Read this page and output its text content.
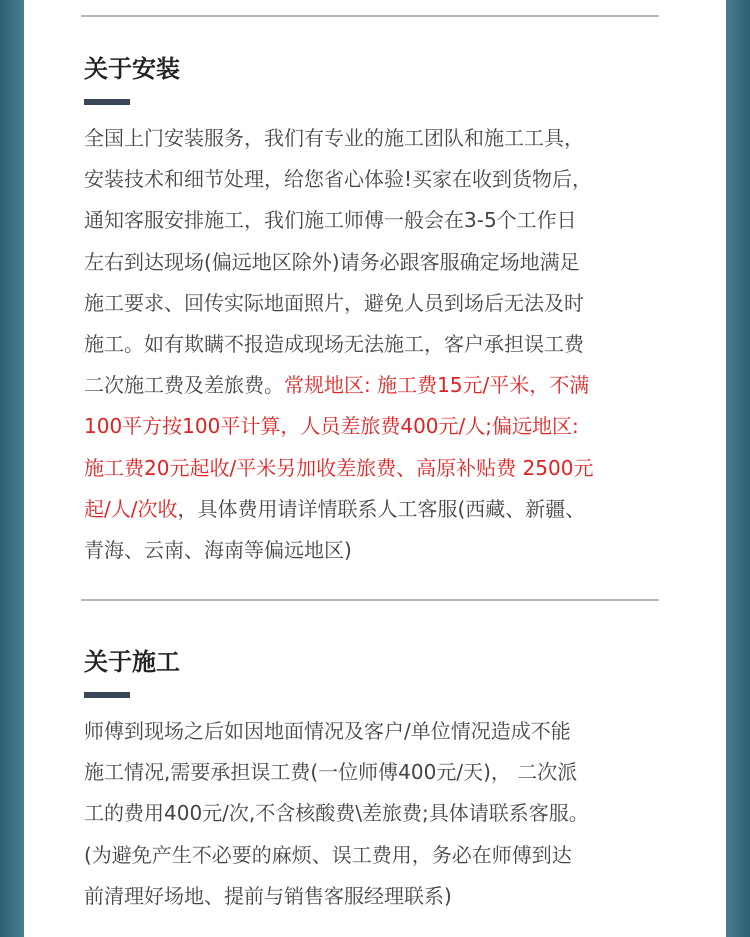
关于安装
全国上门安装服务，我们有专业的施工团队和施工工具，
安装技术和细节处理，给您省心体验!买家在收到货物后，
通知客服安排施工，我们施工师傅一般会在3-5个工作日
左右到达现场(偏远地区除外)请务必跟客服确定场地满足
施工要求、回传实际地面照片，避免人员到场后无法及时
施工。如有欺瞒不报造成现场无法施工，客户承担误工费
二次施工费及差旅费。常规地区: 施工费15元/平米，不满
100平方按100平计算，人员差旅费400元/人;偏远地区:
施工费20元起收/平米另加收差旅费、高原补贴费 2500元
起/人/次收，具体费用请详情联系人工客服(西藏、新疆、
青海、云南、海南等偏远地区)
关于施工
师傅到现场之后如因地面情况及客户/单位情况造成不能
施工情况,需要承担误工费(一位师傅400元/天)， 二次派
工的费用400元/次,不含核酸费\差旅费;具体请联系客服。
(为避免产生不必要的麻烦、误工费用，务必在师傅到达
前清理好场地、提前与销售客服经理联系)
